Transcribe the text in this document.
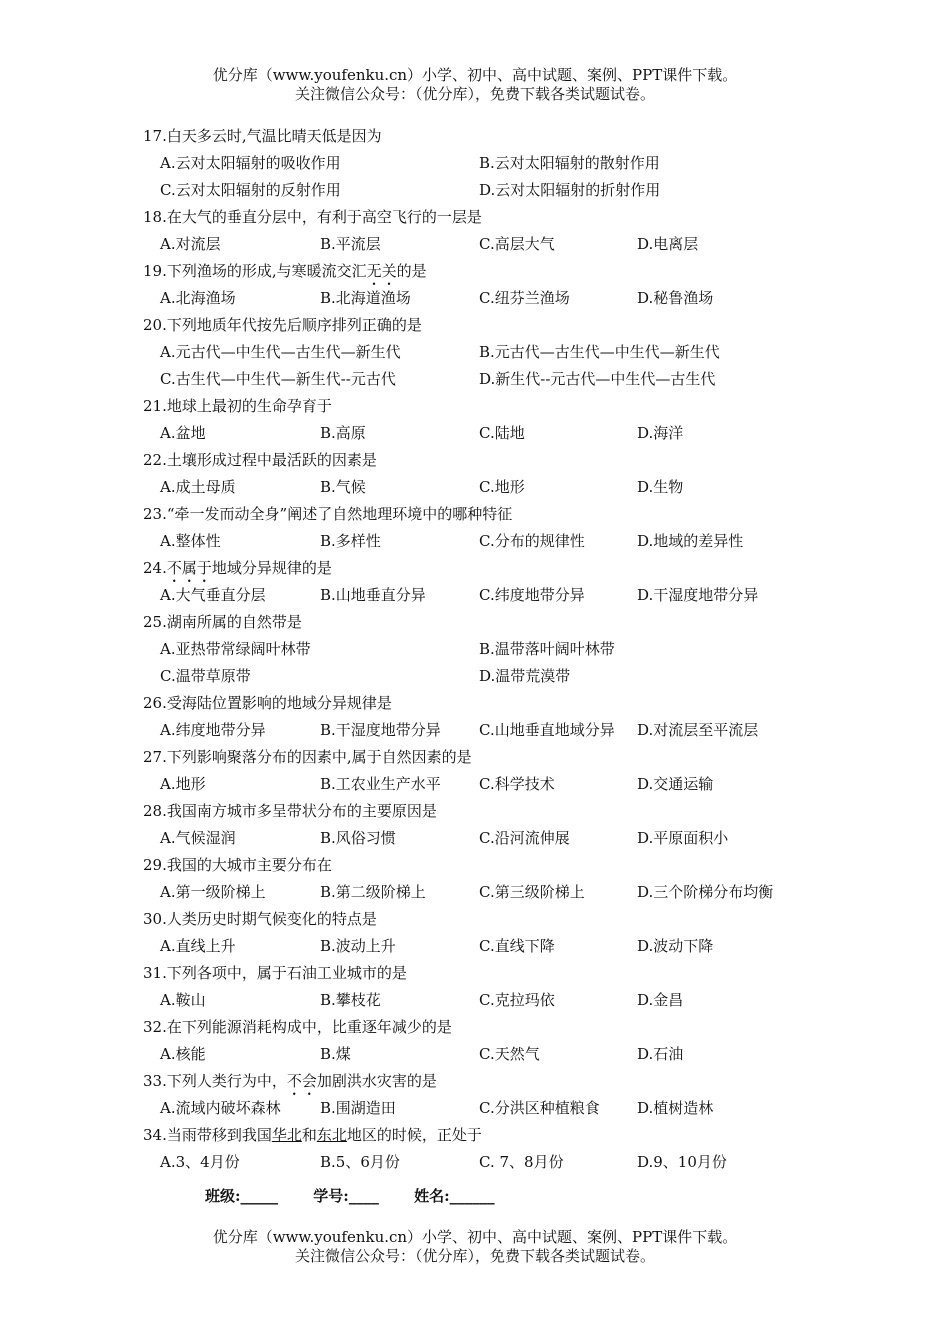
优分库（www.youfenku.cn）小学、初中、高中试题、案例、PPT课件下载。
关注微信公众号：（优分库），免费下载各类试题试卷。
17.白天多云时,气温比晴天低是因为
A.云对太阳辐射的吸收作用	B.云对太阳辐射的散射作用
C.云对太阳辐射的反射作用	D.云对太阳辐射的折射作用
18.在大气的垂直分层中，有利于高空飞行的一层是
A.对流层	B.平流层	C.高层大气	D.电离层
19.下列渔场的形成,与寒暖流交汇无关的是
A.北海渔场	B.北海道渔场	C.纽芬兰渔场	D.秘鲁渔场
20.下列地质年代按先后顺序排列正确的是
A.元古代—中生代—古生代—新生代	B.元古代—古生代—中生代—新生代
C.古生代—中生代—新生代--元古代	D.新生代--元古代—中生代—古生代
21.地球上最初的生命孕育于
A.盆地	B.高原	C.陆地	D.海洋
22.土壤形成过程中最活跃的因素是
A.成土母质	B.气候	C.地形	D.生物
23.“牵一发而动全身”阐述了自然地理环境中的哪种特征
A.整体性	B.多样性	C.分布的规律性	D.地域的差异性
24.不属于地域分异规律的是
A.大气垂直分层	B.山地垂直分异	C.纬度地带分异	D.干湿度地带分异
25.湖南所属的自然带是
A.亚热带常绿阔叶林带	B.温带落叶阔叶林带
C.温带草原带	D.温带荒漠带
26.受海陆位置影响的地域分异规律是
A.纬度地带分异	B.干湿度地带分异	C.山地垂直地域分异 D.对流层至平流层
27.下列影响聚落分布的因素中,属于自然因素的是
A.地形	B.工农业生产水平	C.科学技术	D.交通运输
28.我国南方城市多呈带状分布的主要原因是
A.气候湿润	B.风俗习惯	C.沿河流伸展	D.平原面积小
29.我国的大城市主要分布在
A.第一级阶梯上	B.第二级阶梯上	C.第三级阶梯上	D.三个阶梯分布均衡
30.人类历史时期气候变化的特点是
A.直线上升	B.波动上升	C.直线下降	D.波动下降
31.下列各项中，属于石油工业城市的是
A.鞍山	B.攀枝花	C.克拉玛依	D.金昌
32.在下列能源消耗构成中，比重逐年减少的是
A.核能	B.煤	C.天然气	D.石油
33.下列人类行为中，不会加剧洪水灾害的是
A.流域内破坏森林	B.围湖造田	C.分洪区种植粮食 D.植树造林
34.当雨带移到我国华北和东北地区的时候，正处于
A.3、4月份	B.5、6月份	C. 7、8月份	D.9、10月份
班级:_____ 学号:____ 姓名:______
优分库（www.youfenku.cn）小学、初中、高中试题、案例、PPT课件下载。
关注微信公众号：（优分库），免费下载各类试题试卷。
